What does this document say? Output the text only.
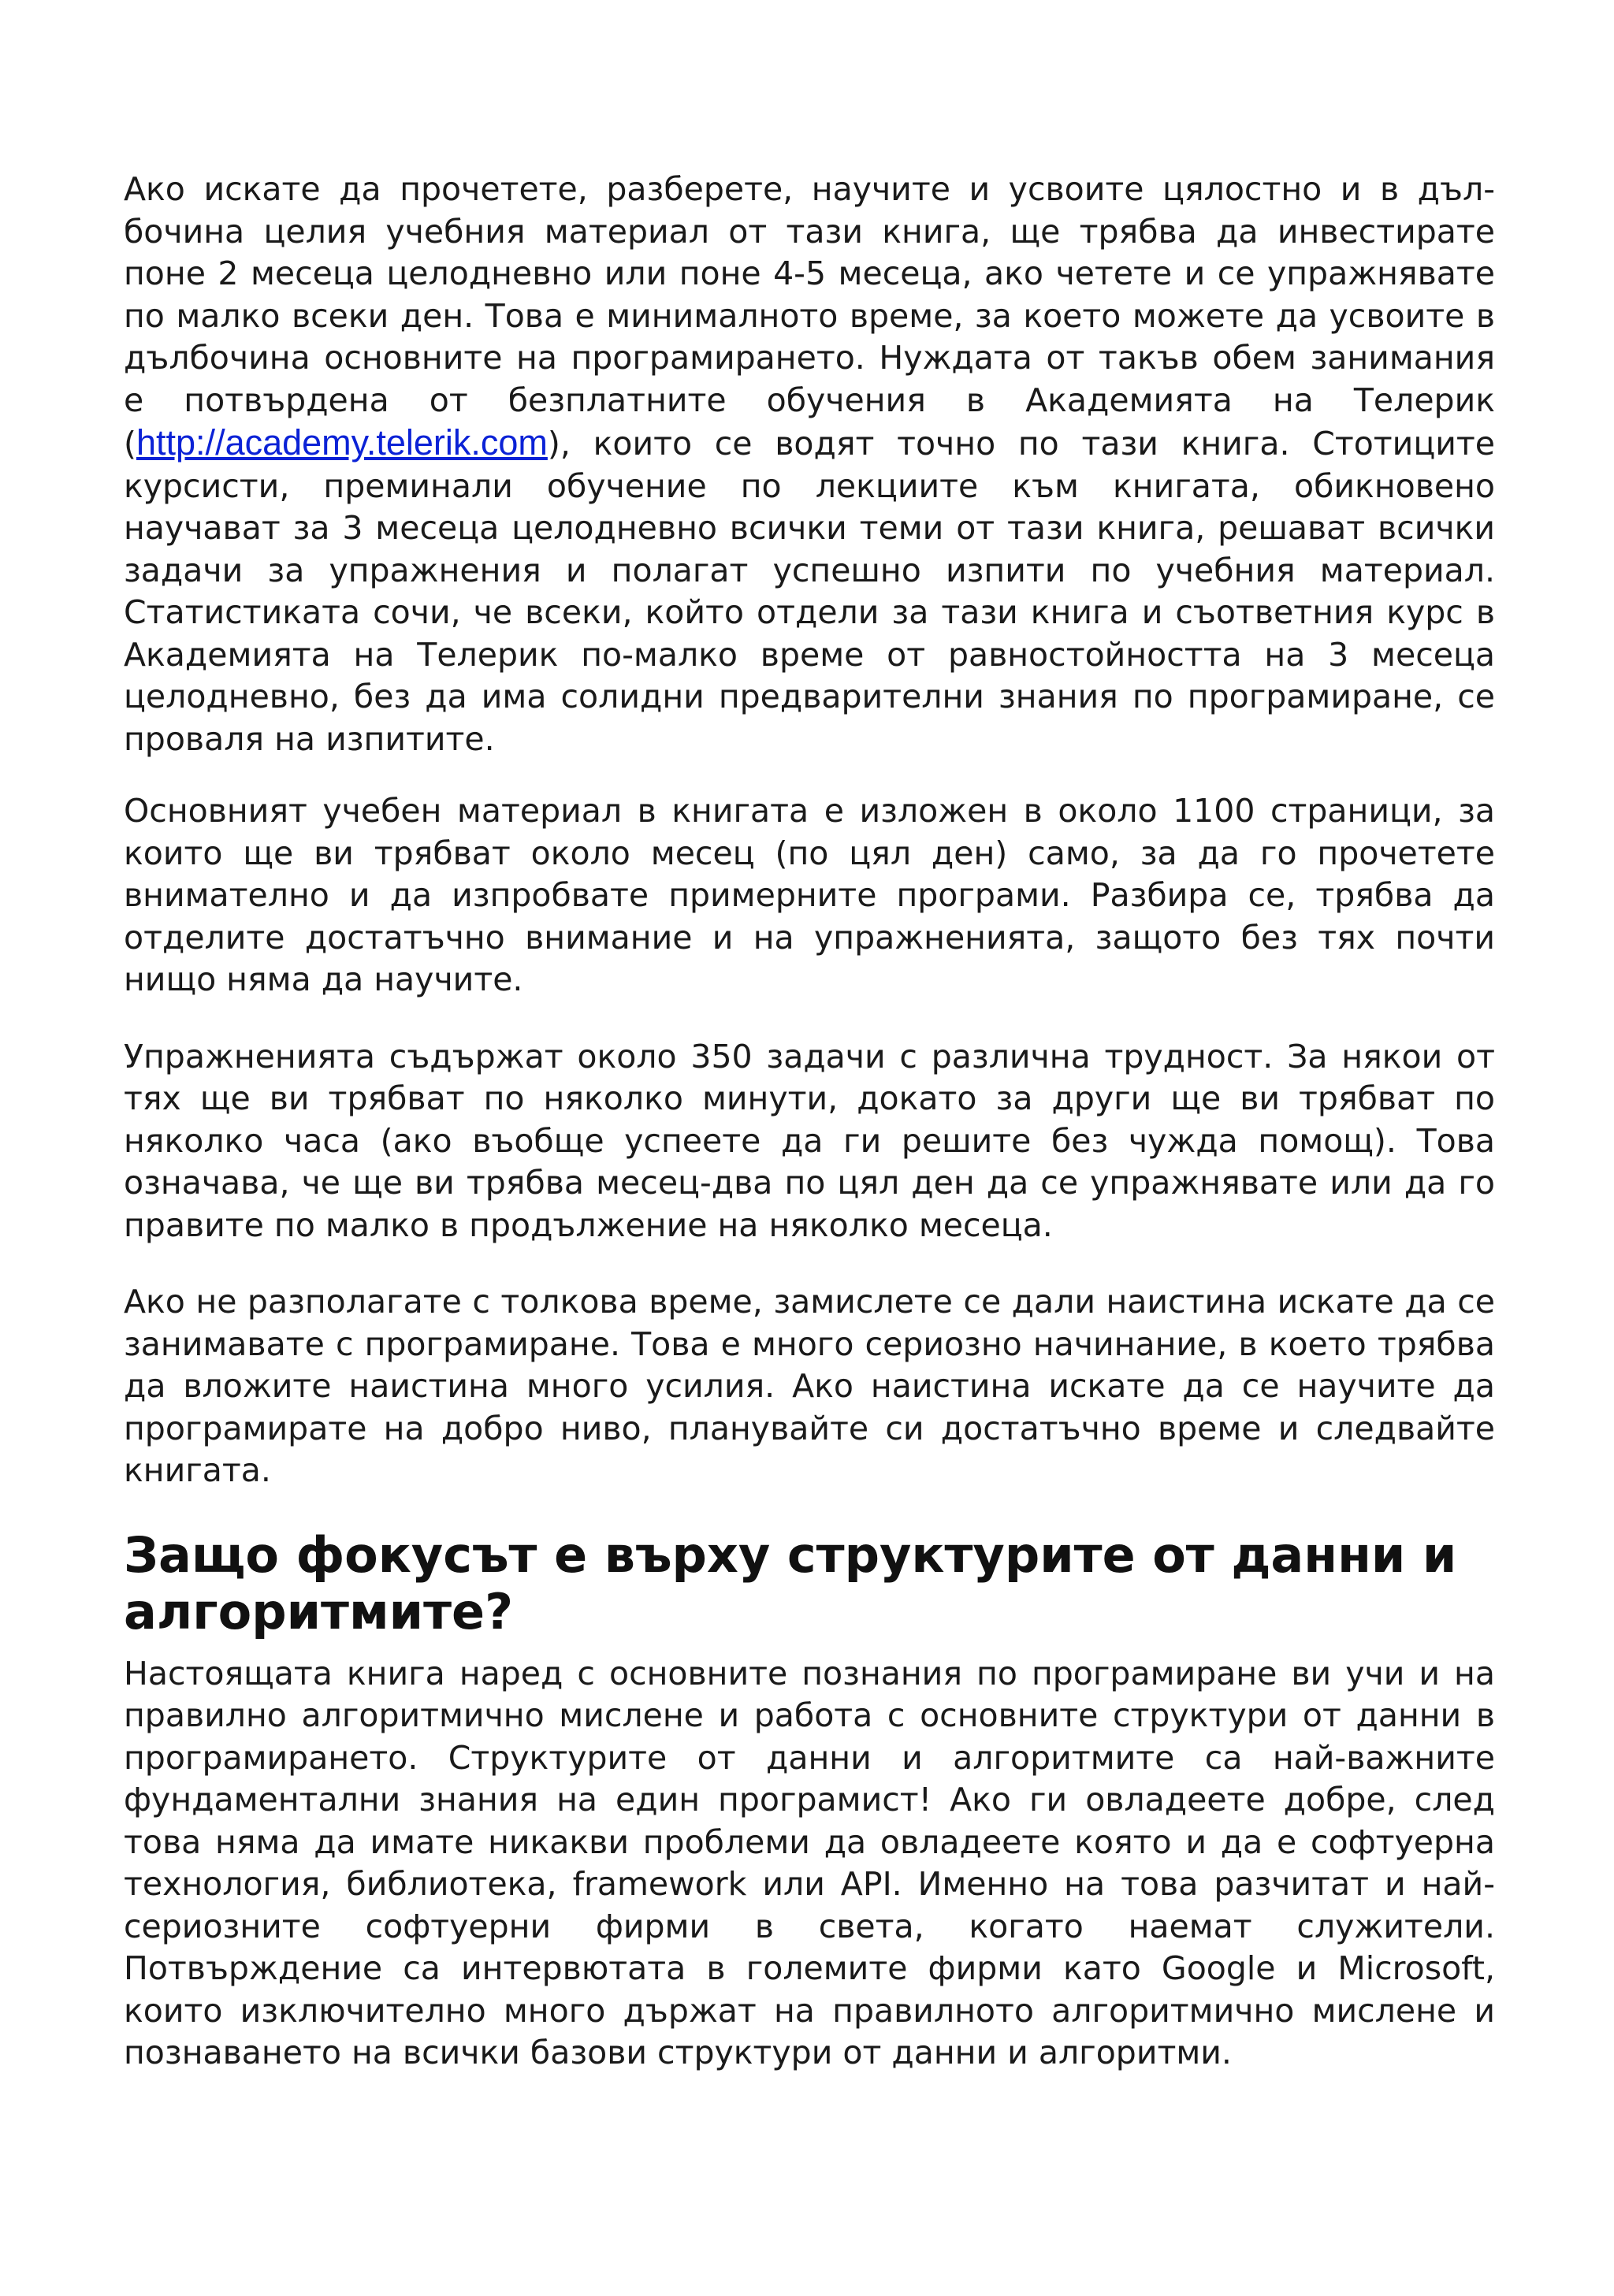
Ако искате да прочетете, разберете, научите и усвоите цялостно и в дълбочина целия учебния материал от тази книга, ще трябва да инвестирате поне 2 месеца целодневно или поне 4-5 месеца, ако четете и се упражнявате по малко всеки ден. Това е минималното време, за което можете да усвоите в дълбочина основните на програмирането. Нуждата от такъв обем занимания е потвърдена от безплатните обучения в Академията на Телерик (http://academy.telerik.com), които се водят точно по тази книга. Стотиците курсисти, преминали обучение по лекциите към книгата, обикновено научават за 3 месеца целодневно всички теми от тази книга, решават всички задачи за упражнения и полагат успешно изпити по учебния материал. Статистиката сочи, че всеки, който отдели за тази книга и съответния курс в Академията на Телерик по-малко време от равностойността на 3 месеца целодневно, без да има солидни предварителни знания по програмиране, се проваля на изпитите.

Основният учебен материал в книгата е изложен в около 1100 страници, за които ще ви трябват около месец (по цял ден) само, за да го прочетете внимателно и да изпробвате примерните програми. Разбира се, трябва да отделите достатъчно внимание и на упражненията, защото без тях почти нищо няма да научите.

Упражненията съдържат около 350 задачи с различна трудност. За някои от тях ще ви трябват по няколко минути, докато за други ще ви трябват по няколко часа (ако въобще успеете да ги решите без чужда помощ). Това означава, че ще ви трябва месец-два по цял ден да се упражнявате или да го правите по малко в продължение на няколко месеца.

Ако не разполагате с толкова време, замислете се дали наистина искате да се занимавате с програмиране. Това е много сериозно начинание, в което трябва да вложите наистина много усилия. Ако наистина искате да се научите да програмирате на добро ниво, планувайте си достатъчно време и следвайте книгата.

Защо фокусът е върху структурите от данни и алгоритмите?

Настоящата книга наред с основните познания по програмиране ви учи и на правилно алгоритмично мислене и работа с основните структури от данни в програмирането. Структурите от данни и алгоритмите са най-важните фундаментални знания на един програмист! Ако ги овладеете добре, след това няма да имате никакви проблеми да овладеете която и да е софтуерна технология, библиотека, framework или API. Именно на това разчитат и най-сериозните софтуерни фирми в света, когато наемат служители. Потвърждение са интервютата в големите фирми като Google и Microsoft, които изключително много държат на правилното алгоритмично мислене и познаването на всички базови структури от данни и алгоритми.
